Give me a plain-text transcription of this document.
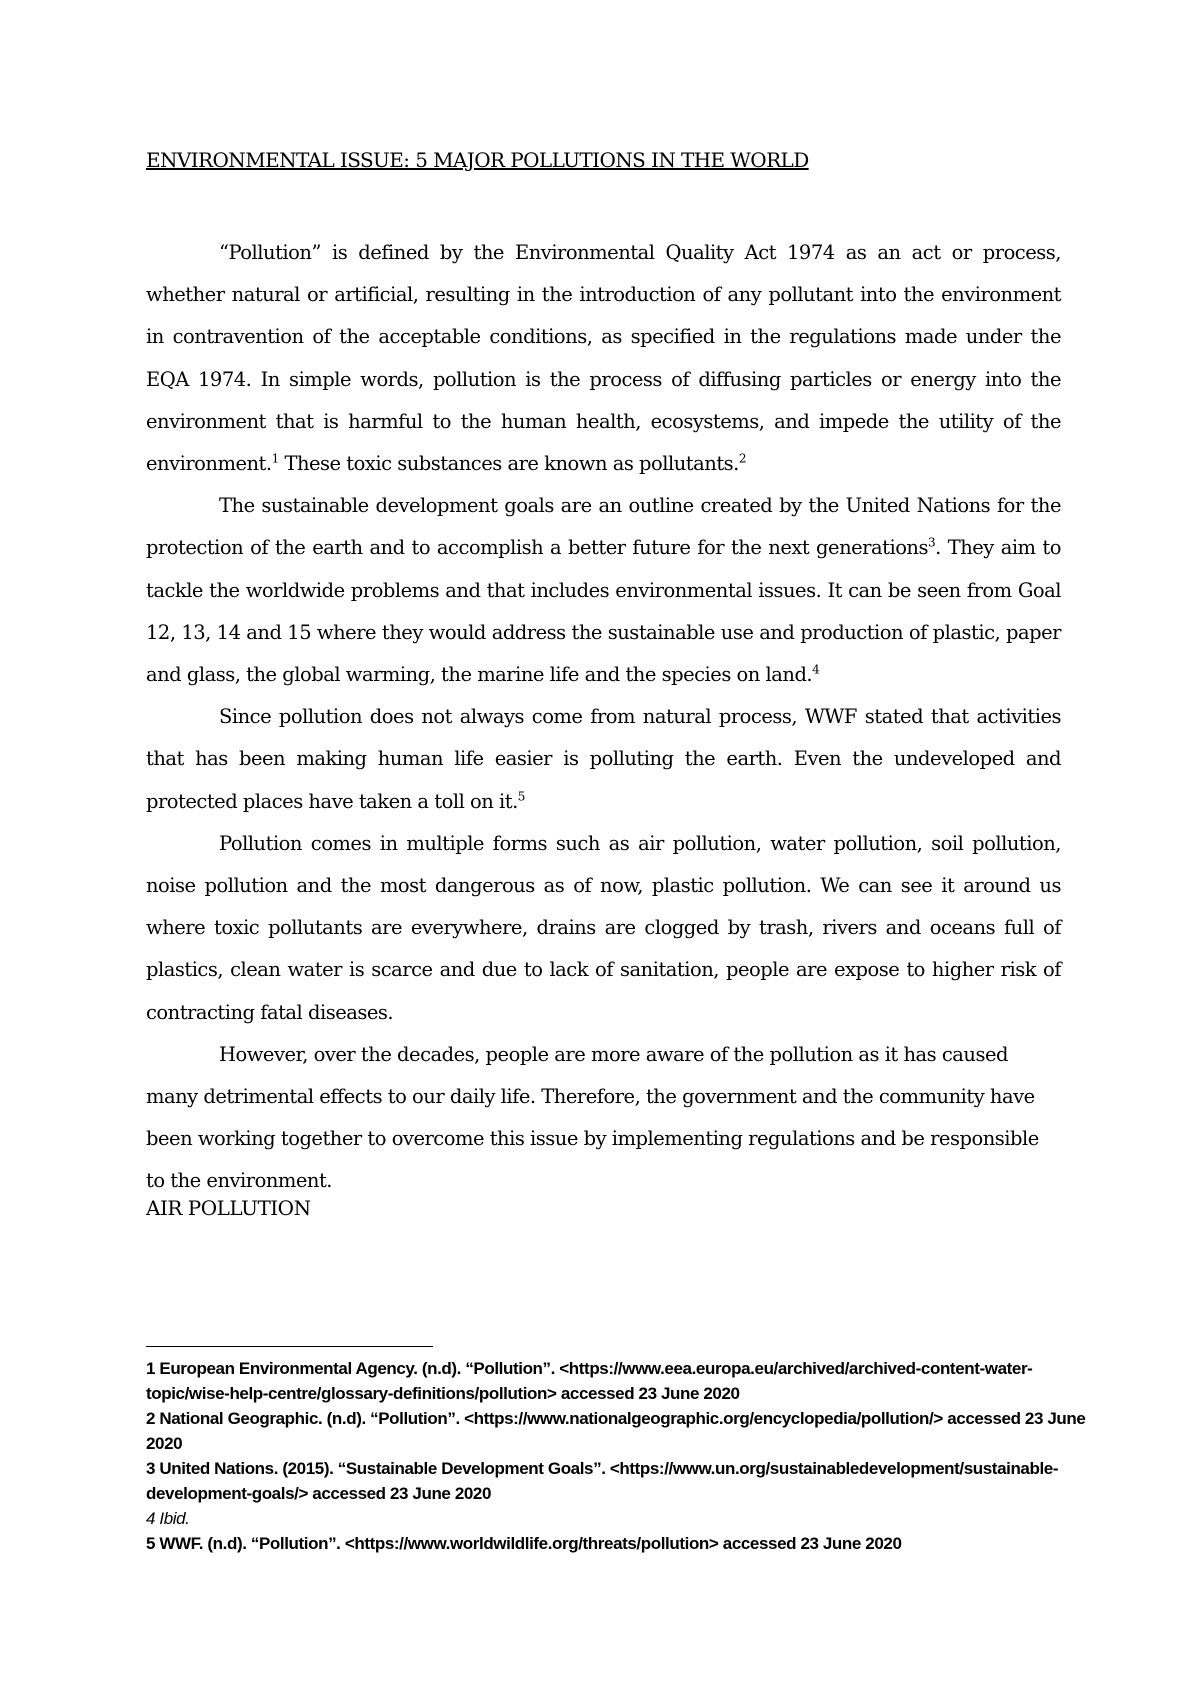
ENVIRONMENTAL ISSUE: 5 MAJOR POLLUTIONS IN THE WORLD

“Pollution” is defined by the Environmental Quality Act 1974 as an act or process, whether natural or artificial, resulting in the introduction of any pollutant into the environment in contravention of the acceptable conditions, as specified in the regulations made under the EQA 1974. In simple words, pollution is the process of diffusing particles or energy into the environment that is harmful to the human health, ecosystems, and impede the utility of the environment.$^1$ These toxic substances are known as pollutants.$^2$

The sustainable development goals are an outline created by the United Nations for the protection of the earth and to accomplish a better future for the next generations$^3$. They aim to tackle the worldwide problems and that includes environmental issues. It can be seen from Goal 12, 13, 14 and 15 where they would address the sustainable use and production of plastic, paper and glass, the global warming, the marine life and the species on land.$^4$

Since pollution does not always come from natural process, WWF stated that activities that has been making human life easier is polluting the earth. Even the undeveloped and protected places have taken a toll on it.$^5$

Pollution comes in multiple forms such as air pollution, water pollution, soil pollution, noise pollution and the most dangerous as of now, plastic pollution. We can see it around us where toxic pollutants are everywhere, drains are clogged by trash, rivers and oceans full of plastics, clean water is scarce and due to lack of sanitation, people are expose to higher risk of contracting fatal diseases.

However, over the decades, people are more aware of the pollution as it has caused many detrimental effects to our daily life. Therefore, the government and the community have been working together to overcome this issue by implementing regulations and be responsible to the environment.

AIR POLLUTION

1 European Environmental Agency. (n.d). “Pollution”. <https://www.eea.europa.eu/archived/archived-content-water-topic/wise-help-centre/glossary-definitions/pollution> accessed 23 June 2020

2 National Geographic. (n.d). “Pollution”. <https://www.nationalgeographic.org/encyclopedia/pollution/> accessed 23 June 2020

3 United Nations. (2015). “Sustainable Development Goals”. <https://www.un.org/sustainabledevelopment/sustainable-development-goals/> accessed 23 June 2020

4 Ibid.

5 WWF. (n.d). “Pollution”. <https://www.worldwildlife.org/threats/pollution> accessed 23 June 2020
